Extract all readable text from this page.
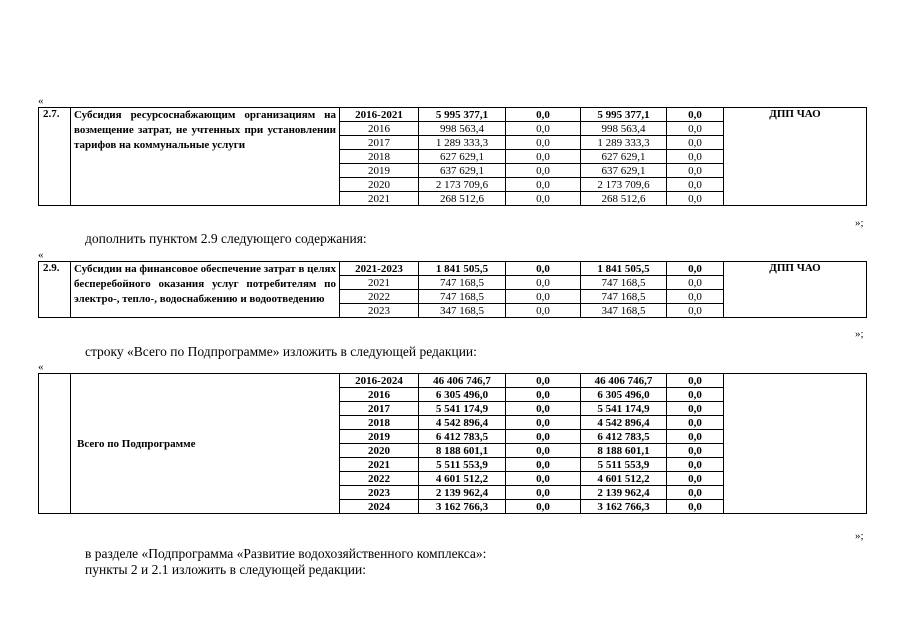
«
2.7.	Субсидия ресурсоснабжающим организациям на возмещение затрат, не учтенных при установлении тарифов на коммунальные услуги	2016-2021	5 995 377,1	0,0	5 995 377,1	0,0	ДПП ЧАО
		2016	998 563,4	0,0	998 563,4	0,0	
		2017	1 289 333,3	0,0	1 289 333,3	0,0	
		2018	627 629,1	0,0	627 629,1	0,0	
		2019	637 629,1	0,0	637 629,1	0,0	
		2020	2 173 709,6	0,0	2 173 709,6	0,0	
		2021	268 512,6	0,0	268 512,6	0,0	
»;
дополнить пунктом 2.9 следующего содержания:
«
2.9.	Субсидии на финансовое обеспечение затрат в целях бесперебойного оказания услуг потребителям по электро-, тепло-, водоснабжению и водоотведению	2021-2023	1 841 505,5	0,0	1 841 505,5	0,0	ДПП ЧАО
		2021	747 168,5	0,0	747 168,5	0,0	
		2022	747 168,5	0,0	747 168,5	0,0	
		2023	347 168,5	0,0	347 168,5	0,0	
»;
строку «Всего по Подпрограмме» изложить в следующей редакции:
«
	Всего по Подпрограмме	2016-2024	46 406 746,7	0,0	46 406 746,7	0,0	
		2016	6 305 496,0	0,0	6 305 496,0	0,0	
		2017	5 541 174,9	0,0	5 541 174,9	0,0	
		2018	4 542 896,4	0,0	4 542 896,4	0,0	
		2019	6 412 783,5	0,0	6 412 783,5	0,0	
		2020	8 188 601,1	0,0	8 188 601,1	0,0	
		2021	5 511 553,9	0,0	5 511 553,9	0,0	
		2022	4 601 512,2	0,0	4 601 512,2	0,0	
		2023	2 139 962,4	0,0	2 139 962,4	0,0	
		2024	3 162 766,3	0,0	3 162 766,3	0,0	
»;
в разделе «Подпрограмма «Развитие водохозяйственного комплекса»:
пункты 2 и 2.1 изложить в следующей редакции:
